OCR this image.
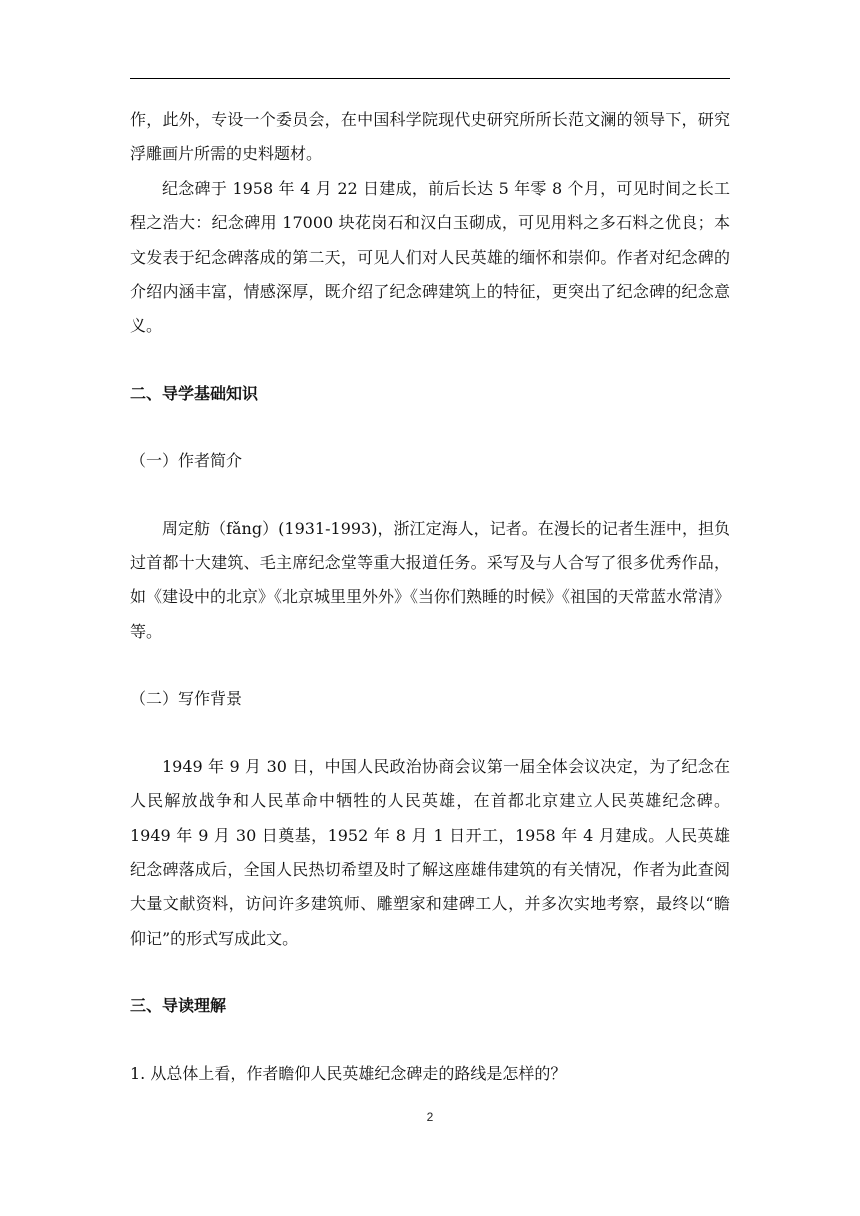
作，此外，专设一个委员会，在中国科学院现代史研究所所长范文澜的领导下，研究浮雕画片所需的史料题材。

纪念碑于 1958 年 4 月 22 日建成，前后长达 5 年零 8 个月，可见时间之长工程之浩大：纪念碑用 17000 块花岗石和汉白玉砌成，可见用料之多石料之优良；本文发表于纪念碑落成的第二天，可见人们对人民英雄的缅怀和崇仰。作者对纪念碑的介绍内涵丰富，情感深厚，既介绍了纪念碑建筑上的特征，更突出了纪念碑的纪念意义。

二、导学基础知识

（一）作者简介

周定舫（fǎng）(1931-1993)，浙江定海人，记者。在漫长的记者生涯中，担负过首都十大建筑、毛主席纪念堂等重大报道任务。采写及与人合写了很多优秀作品，如《建设中的北京》《北京城里里外外》《当你们熟睡的时候》《祖国的天常蓝水常清》等。

（二）写作背景

1949 年 9 月 30 日，中国人民政治协商会议第一届全体会议决定，为了纪念在人民解放战争和人民革命中牺牲的人民英雄，在首都北京建立人民英雄纪念碑。1949 年 9 月 30 日奠基，1952 年 8 月 1 日开工，1958 年 4 月建成。人民英雄纪念碑落成后，全国人民热切希望及时了解这座雄伟建筑的有关情况，作者为此查阅大量文献资料，访问许多建筑师、雕塑家和建碑工人，并多次实地考察，最终以“瞻仰记”的形式写成此文。

三、导读理解

1. 从总体上看，作者瞻仰人民英雄纪念碑走的路线是怎样的？

2
